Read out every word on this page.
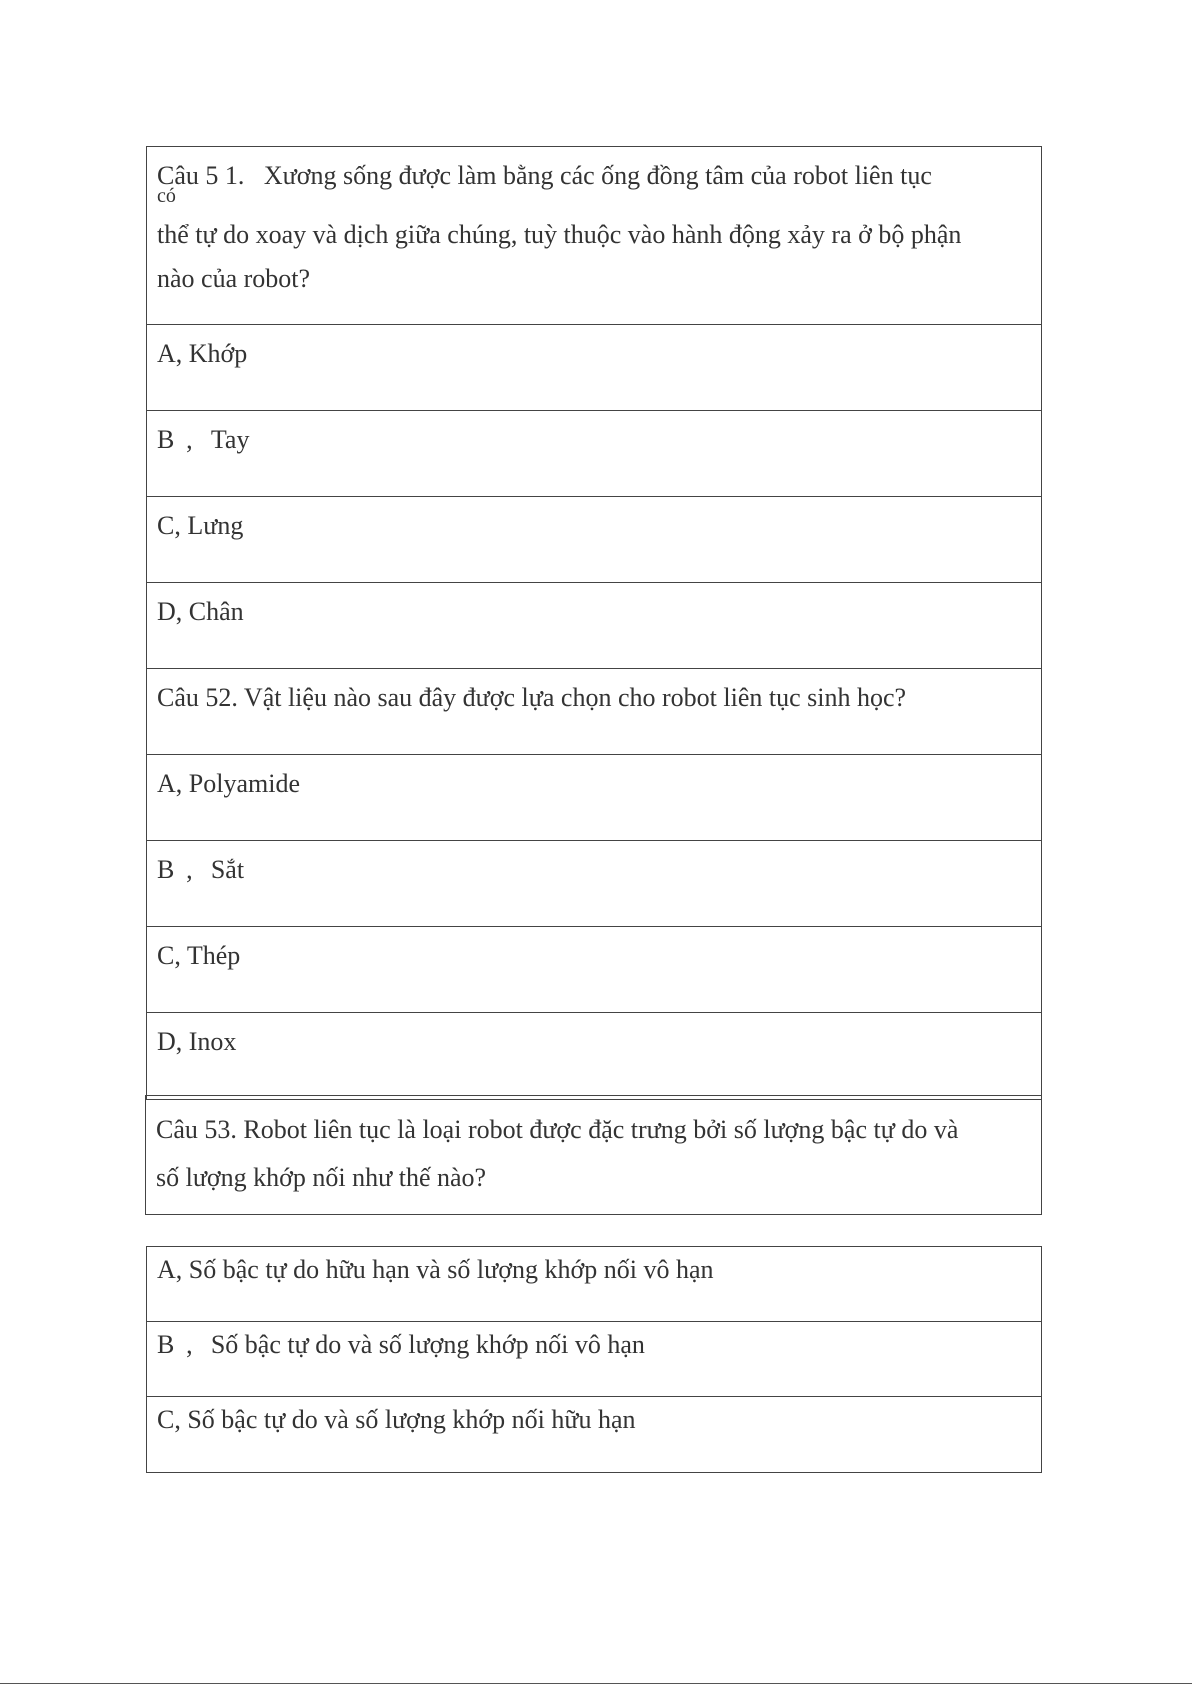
Câu 5 1. Xương sống được làm bằng các ống đồng tâm của robot liên tục
có
thể tự do xoay và dịch giữa chúng, tuỳ thuộc vào hành động xảy ra ở bộ phận
nào của robot?
A, Khớp
B , Tay
C, Lưng
D, Chân
Câu 52. Vật liệu nào sau đây được lựa chọn cho robot liên tục sinh học?
A, Polyamide
B , Sắt
C, Thép
D, Inox
Câu 53. Robot liên tục là loại robot được đặc trưng bởi số lượng bậc tự do và
số lượng khớp nối như thế nào?
A, Số bậc tự do hữu hạn và số lượng khớp nối vô hạn
B , Số bậc tự do và số lượng khớp nối vô hạn
C, Số bậc tự do và số lượng khớp nối hữu hạn
